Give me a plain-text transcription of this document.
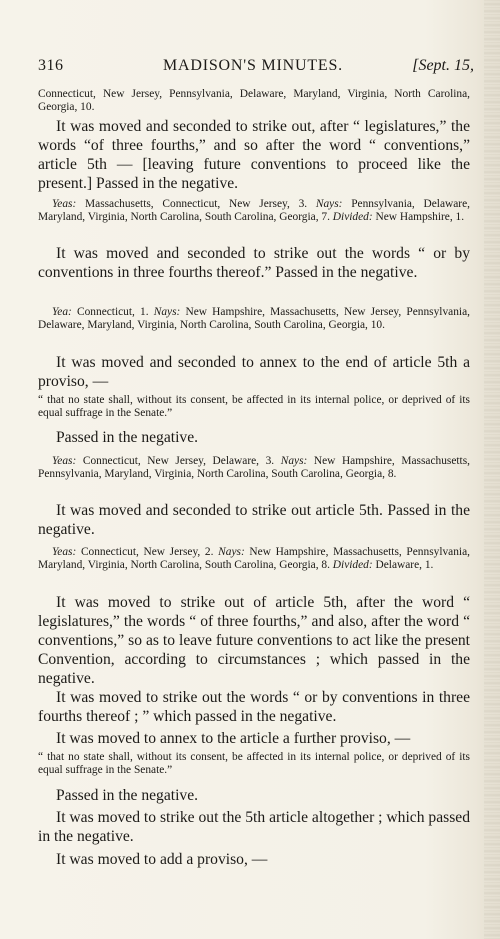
316	MADISON'S MINUTES.	[Sept. 15,

Connecticut, New Jersey, Pennsylvania, Delaware, Maryland, Virginia, North Carolina, Georgia, 10.

It was moved and seconded to strike out, after “ legislatures,” the words “of three fourths,” and so after the word “ conventions,” article 5th — [leaving future conventions to proceed like the present.] Passed in the negative.

Yeas: Massachusetts, Connecticut, New Jersey, 3. Nays: Pennsylvania, Delaware, Maryland, Virginia, North Carolina, South Carolina, Georgia, 7. Divided: New Hampshire, 1.

It was moved and seconded to strike out the words “ or by conventions in three fourths thereof.” Passed in the negative.

Yea: Connecticut, 1. Nays: New Hampshire, Massachusetts, New Jersey, Pennsylvania, Delaware, Maryland, Virginia, North Carolina, South Carolina, Georgia, 10.

It was moved and seconded to annex to the end of article 5th a proviso, —

“ that no state shall, without its consent, be affected in its internal police, or deprived of its equal suffrage in the Senate.”

Passed in the negative.

Yeas: Connecticut, New Jersey, Delaware, 3. Nays: New Hampshire, Massachusetts, Pennsylvania, Maryland, Virginia, North Carolina, South Carolina, Georgia, 8.

It was moved and seconded to strike out article 5th. Passed in the negative.

Yeas: Connecticut, New Jersey, 2. Nays: New Hampshire, Massachusetts, Pennsylvania, Maryland, Virginia, North Carolina, South Carolina, Georgia, 8. Divided: Delaware, 1.

It was moved to strike out of article 5th, after the word “ legislatures,” the words “ of three fourths,” and also, after the word “ conventions,” so as to leave future conventions to act like the present Convention, according to circumstances ; which passed in the negative.

It was moved to strike out the words “ or by conventions in three fourths thereof ; ” which passed in the negative.

It was moved to annex to the article a further proviso, —

“ that no state shall, without its consent, be affected in its internal police, or deprived of its equal suffrage in the Senate.”

Passed in the negative.

It was moved to strike out the 5th article altogether ; which passed in the negative.

It was moved to add a proviso, —
